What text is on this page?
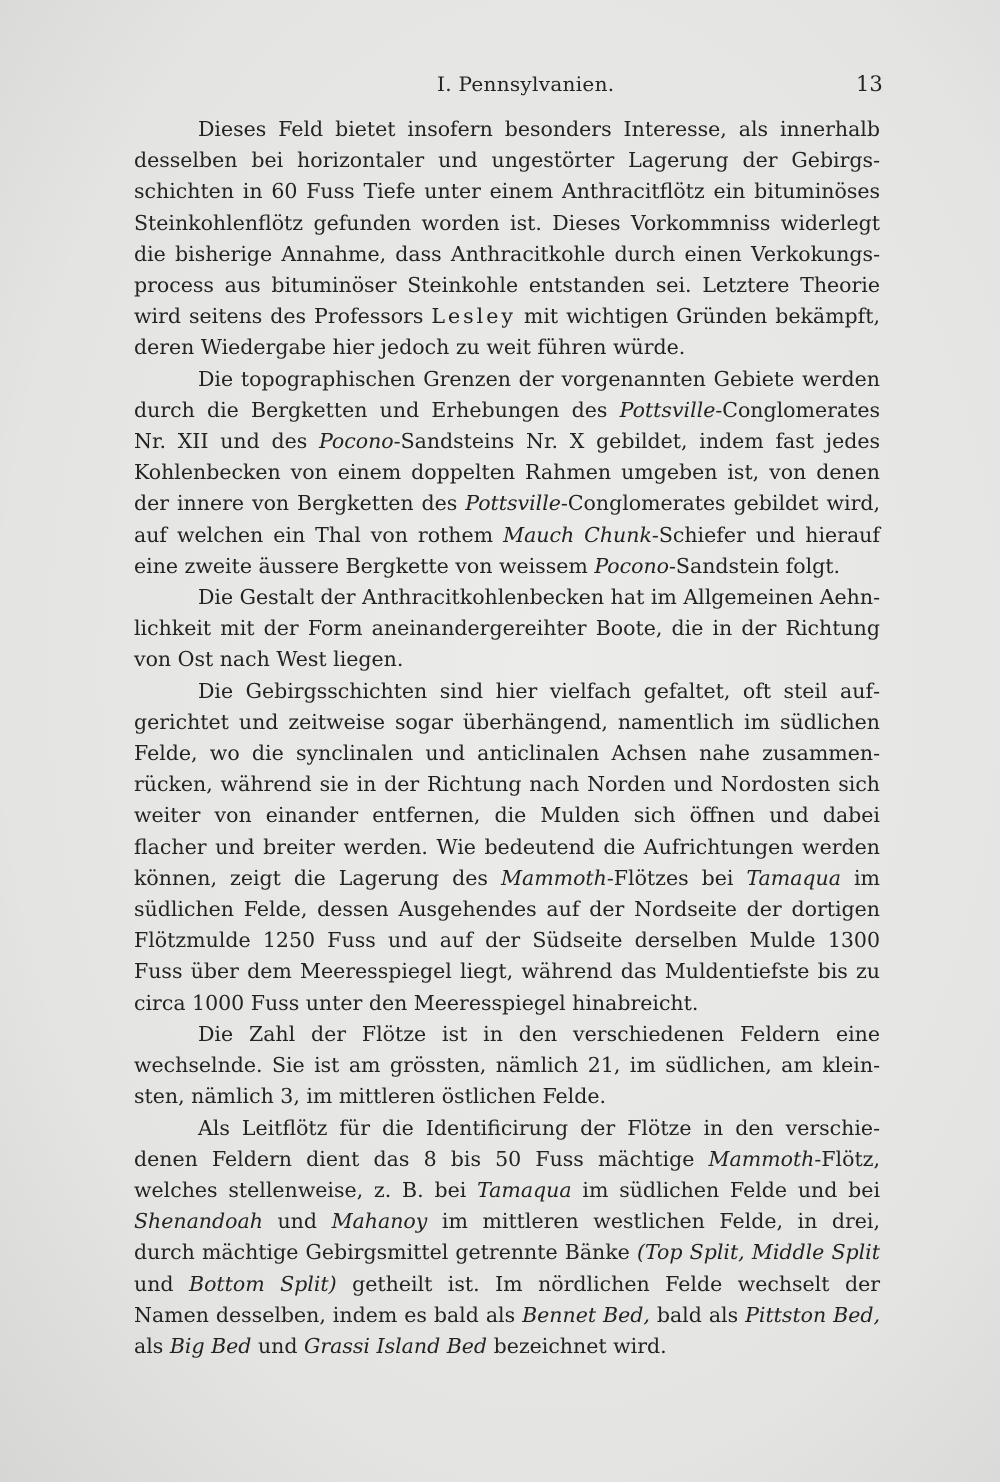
I. Pennsylvanien.	13

Dieses Feld bietet insofern besonders Interesse, als innerhalb desselben bei horizontaler und ungestörter Lagerung der Gebirgsschichten in 60 Fuss Tiefe unter einem Anthracitflötz ein bituminöses Steinkohlenflötz gefunden worden ist. Dieses Vorkommniss widerlegt die bisherige Annahme, dass Anthracitkohle durch einen Verkokungsprocess aus bituminöser Steinkohle entstanden sei. Letztere Theorie wird seitens des Professors Lesley mit wichtigen Gründen bekämpft, deren Wiedergabe hier jedoch zu weit führen würde.

Die topographischen Grenzen der vorgenannten Gebiete werden durch die Bergketten und Erhebungen des Pottsville-Conglomerates Nr. XII und des Pocono-Sandsteins Nr. X gebildet, indem fast jedes Kohlenbecken von einem doppelten Rahmen umgeben ist, von denen der innere von Bergketten des Pottsville-Conglomerates gebildet wird, auf welchen ein Thal von rothem Mauch Chunk-Schiefer und hierauf eine zweite äussere Bergkette von weissem Pocono-Sandstein folgt.

Die Gestalt der Anthracitkohlenbecken hat im Allgemeinen Aehnlichkeit mit der Form aneinandergereihter Boote, die in der Richtung von Ost nach West liegen.

Die Gebirgsschichten sind hier vielfach gefaltet, oft steil aufgerichtet und zeitweise sogar überhängend, namentlich im südlichen Felde, wo die synclinalen und anticlinalen Achsen nahe zusammenrücken, während sie in der Richtung nach Norden und Nordosten sich weiter von einander entfernen, die Mulden sich öffnen und dabei flacher und breiter werden. Wie bedeutend die Aufrichtungen werden können, zeigt die Lagerung des Mammoth-Flötzes bei Tamaqua im südlichen Felde, dessen Ausgehendes auf der Nordseite der dortigen Flötzmulde 1250 Fuss und auf der Südseite derselben Mulde 1300 Fuss über dem Meeresspiegel liegt, während das Muldentiefste bis zu circa 1000 Fuss unter den Meeresspiegel hinabreicht.

Die Zahl der Flötze ist in den verschiedenen Feldern eine wechselnde. Sie ist am grössten, nämlich 21, im südlichen, am kleinsten, nämlich 3, im mittleren östlichen Felde.

Als Leitflötz für die Identificirung der Flötze in den verschiedenen Feldern dient das 8 bis 50 Fuss mächtige Mammoth-Flötz, welches stellenweise, z. B. bei Tamaqua im südlichen Felde und bei Shenandoah und Mahanoy im mittleren westlichen Felde, in drei, durch mächtige Gebirgsmittel getrennte Bänke (Top Split, Middle Split und Bottom Split) getheilt ist. Im nördlichen Felde wechselt der Namen desselben, indem es bald als Bennet Bed, bald als Pittston Bed, als Big Bed und Grassi Island Bed bezeichnet wird.
